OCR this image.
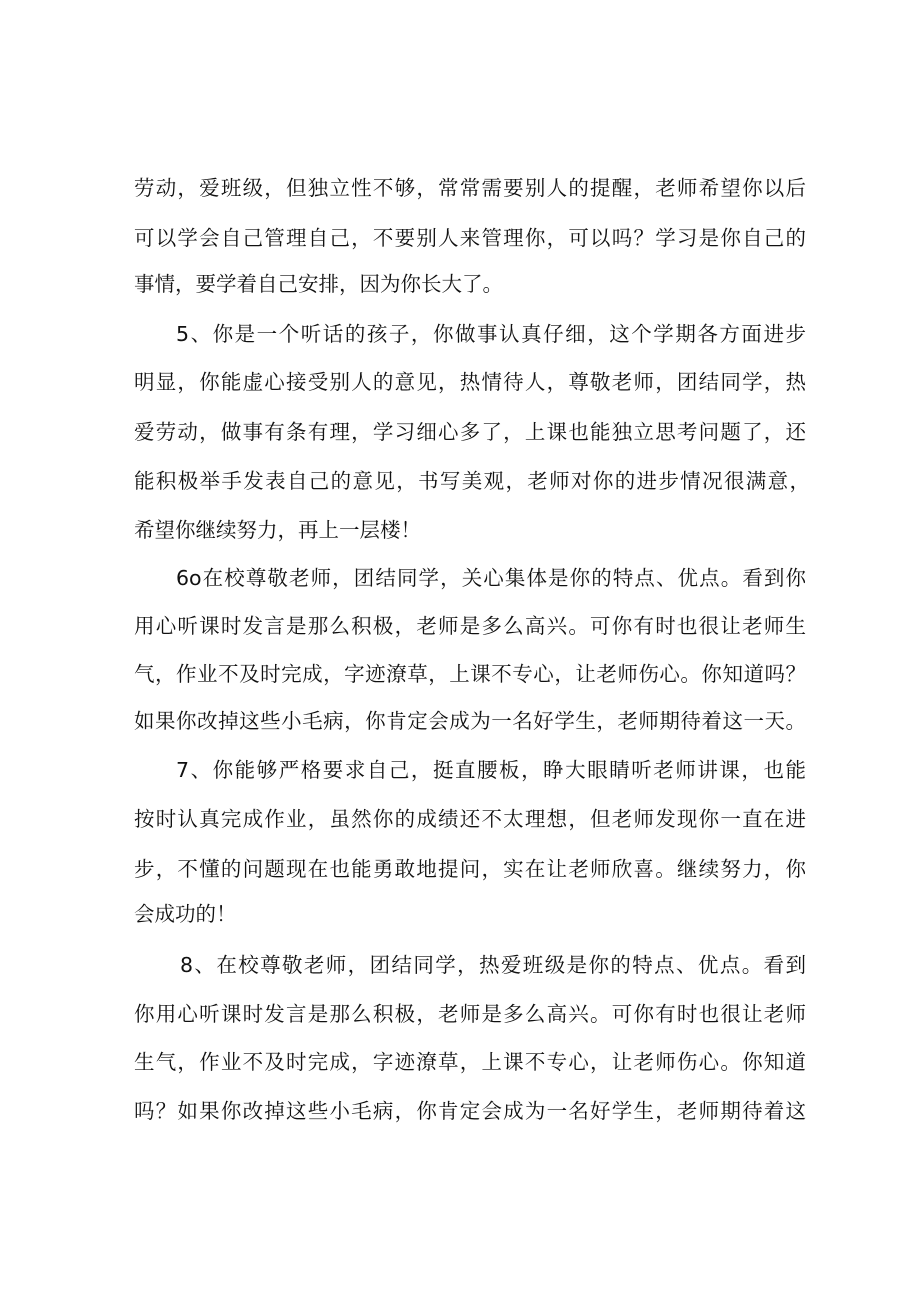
劳动，爱班级，但独立性不够，常常需要别人的提醒，老师希望你以后
可以学会自己管理自己，不要别人来管理你，可以吗？学习是你自己的
事情，要学着自己安排，因为你长大了。
5、你是一个听话的孩子，你做事认真仔细，这个学期各方面进步
明显，你能虚心接受别人的意见，热情待人，尊敬老师，团结同学，热
爱劳动，做事有条有理，学习细心多了，上课也能独立思考问题了，还
能积极举手发表自己的意见，书写美观，老师对你的进步情况很满意，
希望你继续努力，再上一层楼！
6o在校尊敬老师，团结同学，关心集体是你的特点、优点。看到你
用心听课时发言是那么积极，老师是多么高兴。可你有时也很让老师生
气，作业不及时完成，字迹潦草，上课不专心，让老师伤心。你知道吗？
如果你改掉这些小毛病，你肯定会成为一名好学生，老师期待着这一天。
7、你能够严格要求自己，挺直腰板，睁大眼睛听老师讲课，也能
按时认真完成作业，虽然你的成绩还不太理想，但老师发现你一直在进
步，不懂的问题现在也能勇敢地提问，实在让老师欣喜。继续努力，你
会成功的！
8、在校尊敬老师，团结同学，热爱班级是你的特点、优点。看到
你用心听课时发言是那么积极，老师是多么高兴。可你有时也很让老师
生气，作业不及时完成，字迹潦草，上课不专心，让老师伤心。你知道
吗？如果你改掉这些小毛病，你肯定会成为一名好学生，老师期待着这
